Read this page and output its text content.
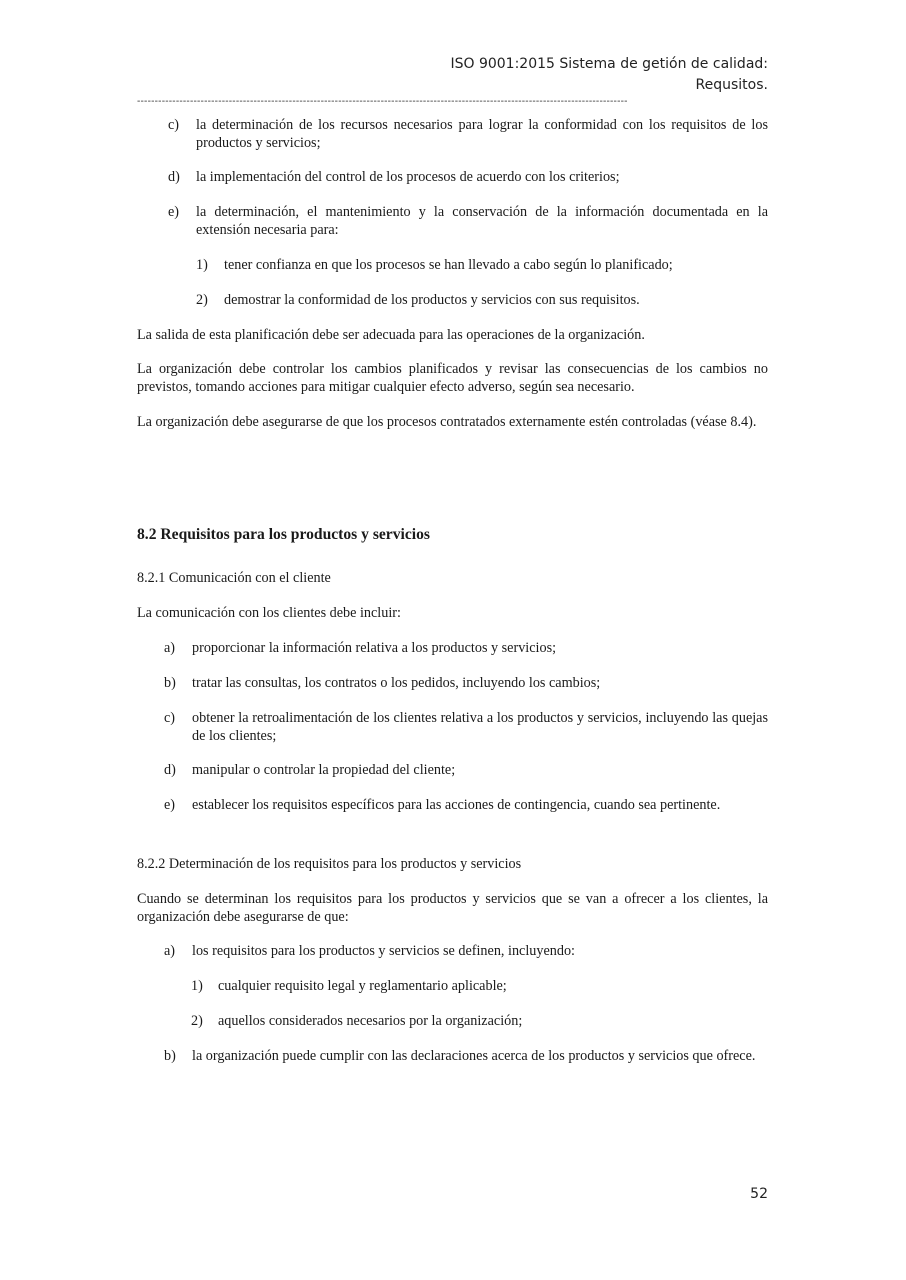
ISO 9001:2015 Sistema de getión de calidad:
Requsitos.
-------------------------------------------------------------------------------------------------------------------------------------------
c) la determinación de los recursos necesarios para lograr la conformidad con los requisitos de los productos y servicios;
d) la implementación del control de los procesos de acuerdo con los criterios;
e) la determinación, el mantenimiento y la conservación de la información documentada en la extensión necesaria para:
1) tener confianza en que los procesos se han llevado a cabo según lo planificado;
2) demostrar la conformidad de los productos y servicios con sus requisitos.
La salida de esta planificación debe ser adecuada para las operaciones de la organización.
La organización debe controlar los cambios planificados y revisar las consecuencias de los cambios no previstos, tomando acciones para mitigar cualquier efecto adverso, según sea necesario.
La organización debe asegurarse de que los procesos contratados externamente estén controladas (véase 8.4).
8.2 Requisitos para los productos y servicios
8.2.1 Comunicación con el cliente
La comunicación con los clientes debe incluir:
a) proporcionar la información relativa a los productos y servicios;
b) tratar las consultas, los contratos o los pedidos, incluyendo los cambios;
c) obtener la retroalimentación de los clientes relativa a los productos y servicios, incluyendo las quejas de los clientes;
d) manipular o controlar la propiedad del cliente;
e) establecer los requisitos específicos para las acciones de contingencia, cuando sea pertinente.
8.2.2 Determinación de los requisitos para los productos y servicios
Cuando se determinan los requisitos para los productos y servicios que se van a ofrecer a los clientes, la organización debe asegurarse de que:
a) los requisitos para los productos y servicios se definen, incluyendo:
1) cualquier requisito legal y reglamentario aplicable;
2) aquellos considerados necesarios por la organización;
b) la organización puede cumplir con las declaraciones acerca de los productos y servicios que ofrece.
52
